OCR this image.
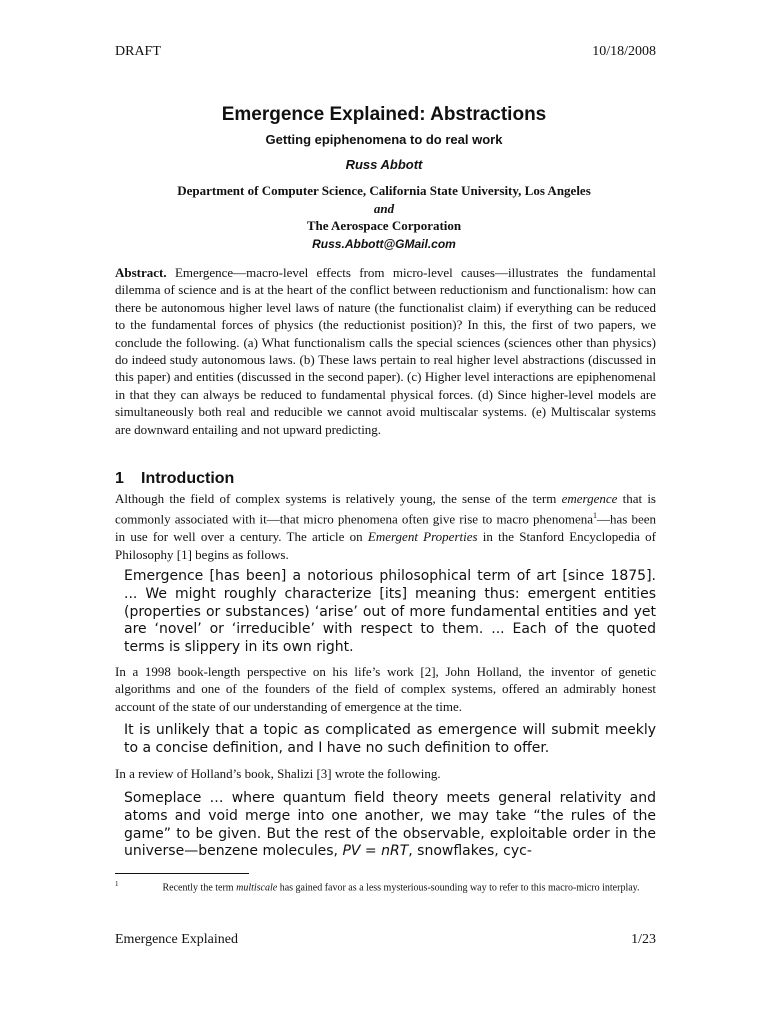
DRAFT	10/18/2008
Emergence Explained: Abstractions
Getting epiphenomena to do real work
Russ Abbott
Department of Computer Science, California State University, Los Angeles
and
The Aerospace Corporation
Russ.Abbott@GMail.com
Abstract. Emergence—macro-level effects from micro-level causes—illustrates the fundamental dilemma of science and is at the heart of the conflict between reductionism and functionalism: how can there be autonomous higher level laws of nature (the functionalist claim) if everything can be reduced to the fundamental forces of physics (the reductionist position)? In this, the first of two papers, we conclude the following. (a) What functionalism calls the special sciences (sciences other than physics) do indeed study autonomous laws. (b) These laws pertain to real higher level abstractions (discussed in this paper) and entities (discussed in the second paper). (c) Higher level interactions are epiphenomenal in that they can always be reduced to fundamental physical forces. (d) Since higher-level models are simultaneously both real and reducible we cannot avoid multiscalar systems. (e) Multiscalar systems are downward entailing and not upward predicting.
1 Introduction
Although the field of complex systems is relatively young, the sense of the term emergence that is commonly associated with it—that micro phenomena often give rise to macro phenomena$^1$—has been in use for well over a century. The article on Emergent Properties in the Stanford Encyclopedia of Philosophy [1] begins as follows.
Emergence [has been] a notorious philosophical term of art [since 1875]. ... We might roughly characterize [its] meaning thus: emergent entities (properties or substances) ‘arise’ out of more fundamental entities and yet are ‘novel’ or ‘irreducible’ with respect to them. ... Each of the quoted terms is slippery in its own right.
In a 1998 book-length perspective on his life’s work [2], John Holland, the inventor of genetic algorithms and one of the founders of the field of complex systems, offered an admirably honest account of the state of our understanding of emergence at the time.
It is unlikely that a topic as complicated as emergence will submit meekly to a concise definition, and I have no such definition to offer.
In a review of Holland’s book, Shalizi [3] wrote the following.
Someplace … where quantum field theory meets general relativity and atoms and void merge into one another, we may take “the rules of the game” to be given. But the rest of the observable, exploitable order in the universe—benzene molecules, PV = nRT, snowflakes, cyc-
$^1$	Recently the term multiscale has gained favor as a less mysterious-sounding way to refer to this macro-micro interplay.
Emergence Explained	1/23
